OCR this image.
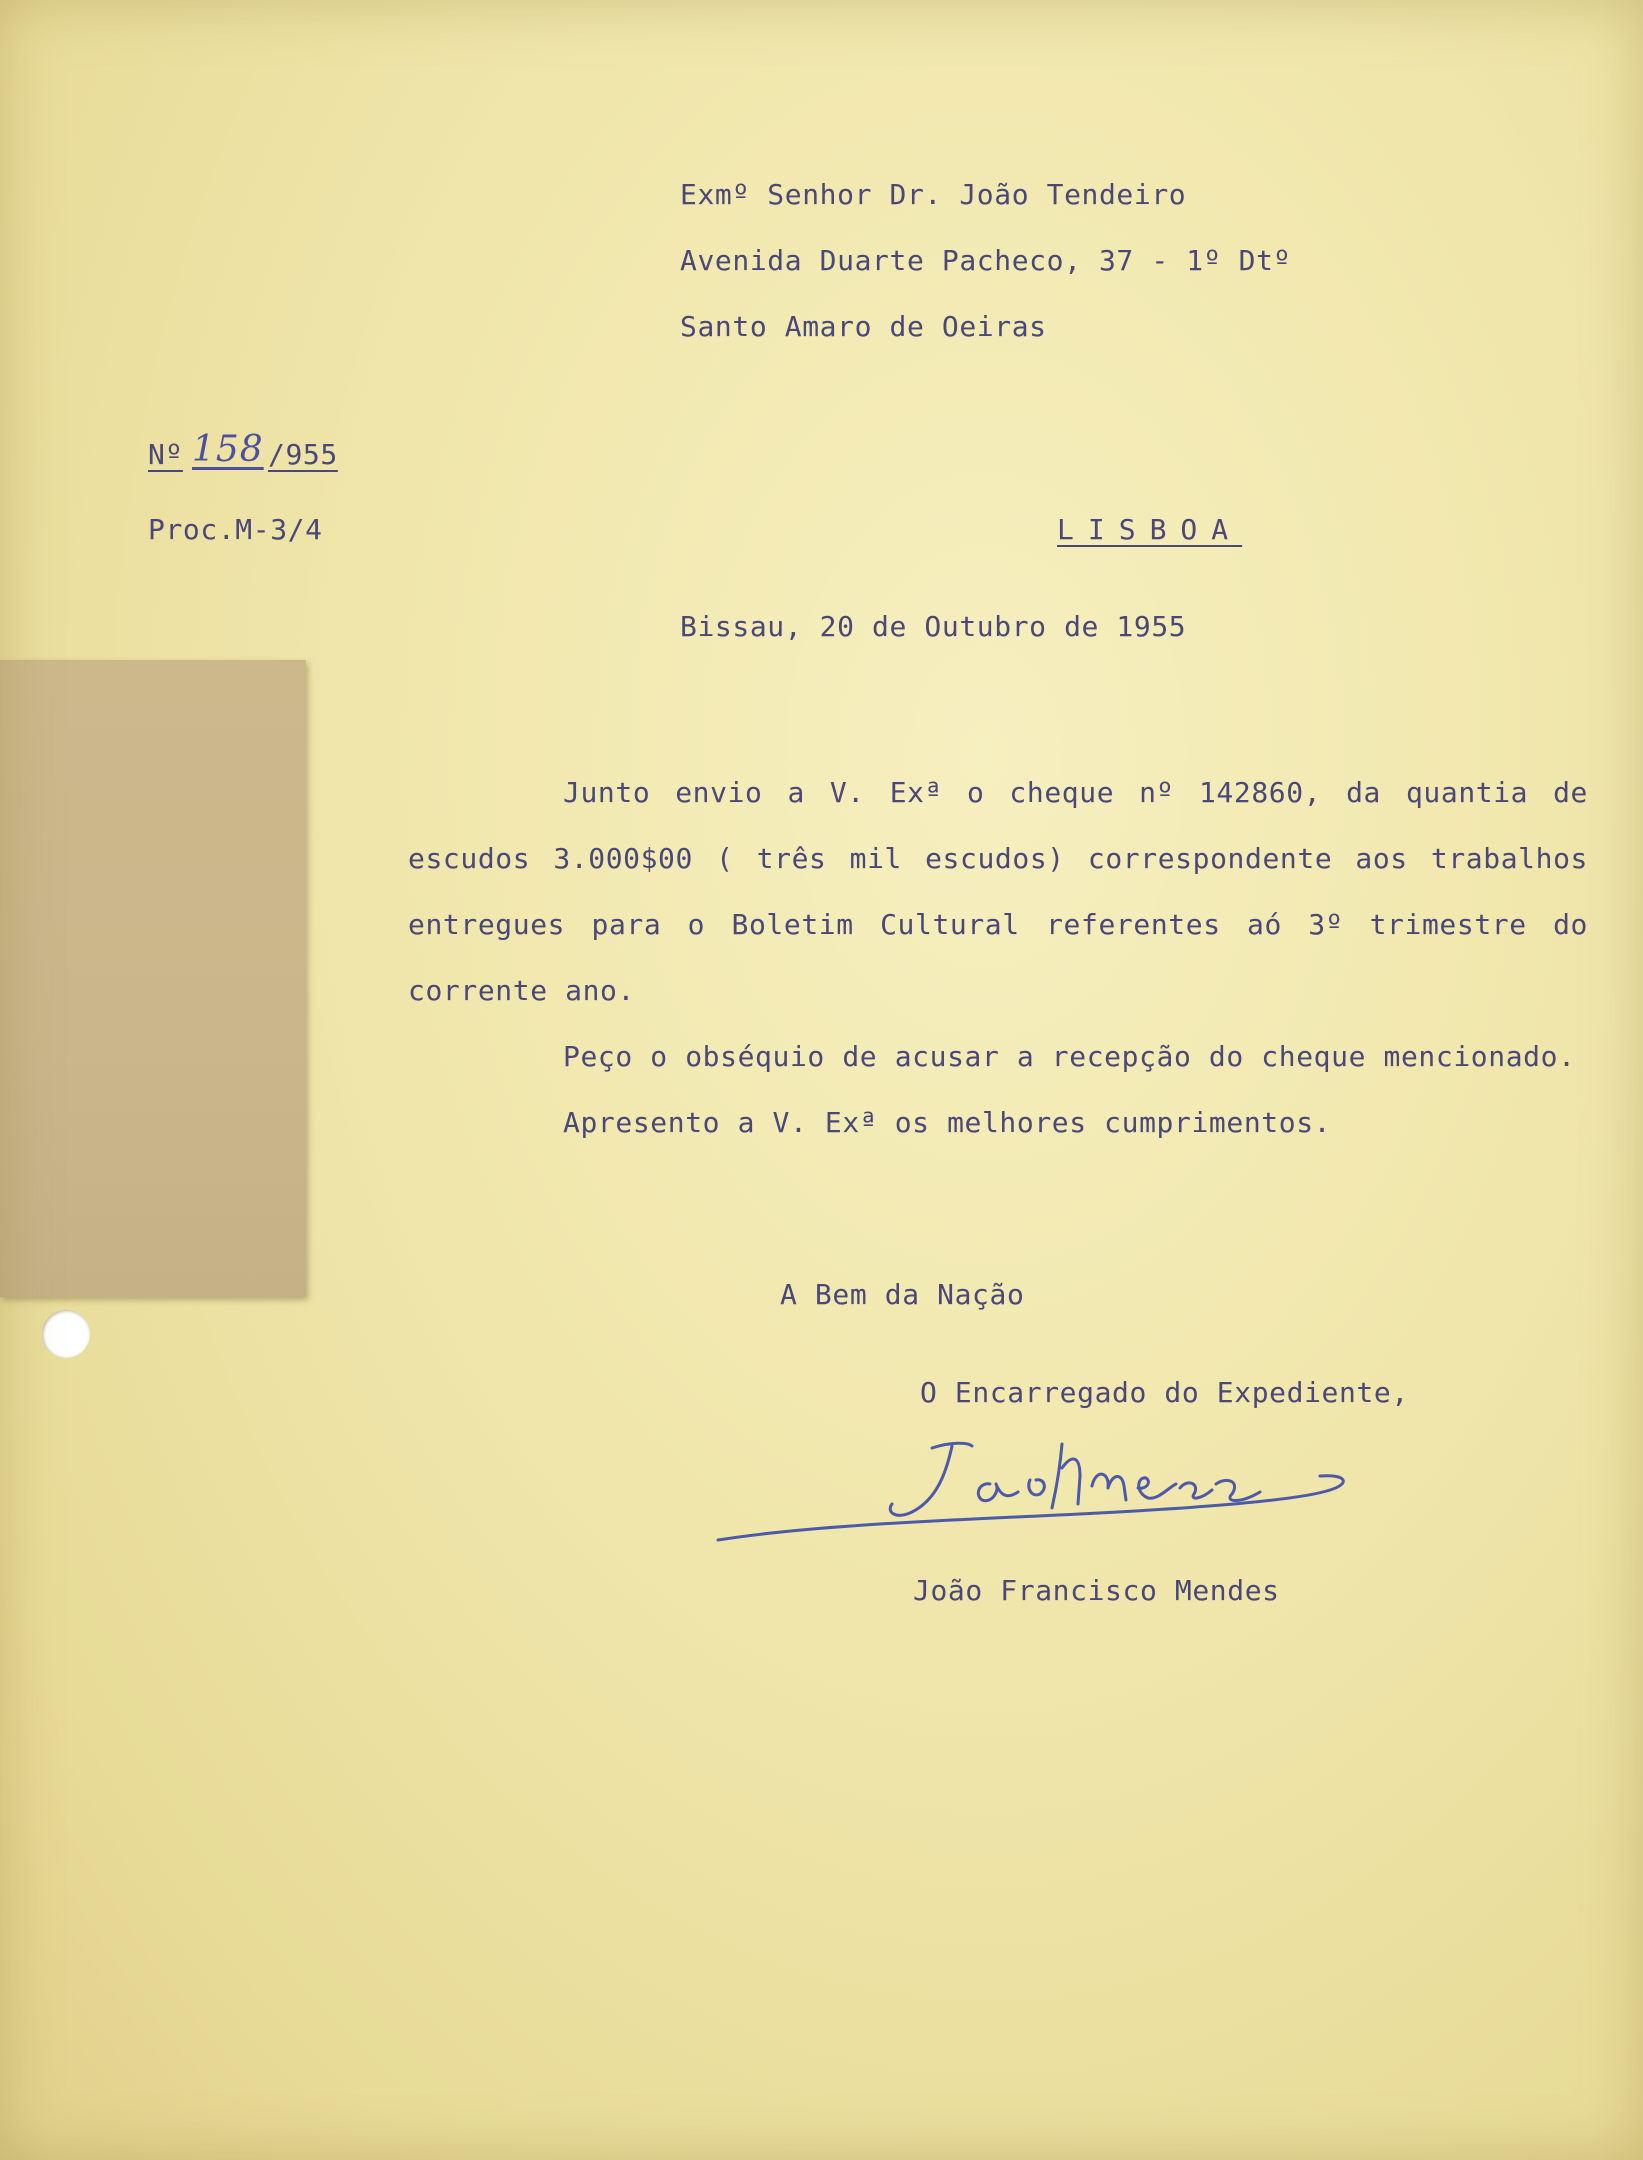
Exmº Senhor Dr. João Tendeiro
Avenida Duarte Pacheco, 37 - 1º Dtº
Santo Amaro de Oeiras
Nº 158 /955
Proc.M-3/4	LISBOA
Bissau, 20 de Outubro de 1955

Junto envio a V. Exª o cheque nº 142860, da quantia de escudos 3.000$00 ( três mil escudos) correspondente aos trabalhos entregues para o Boletim Cultural referentes aó 3º trimestre do corrente ano.

Peço o obséquio de acusar a recepção do cheque mencionado.

Apresento a V. Exª os melhores cumprimentos.

A Bem da Nação
O Encarregado do Expediente,
João Francisco Mendes
